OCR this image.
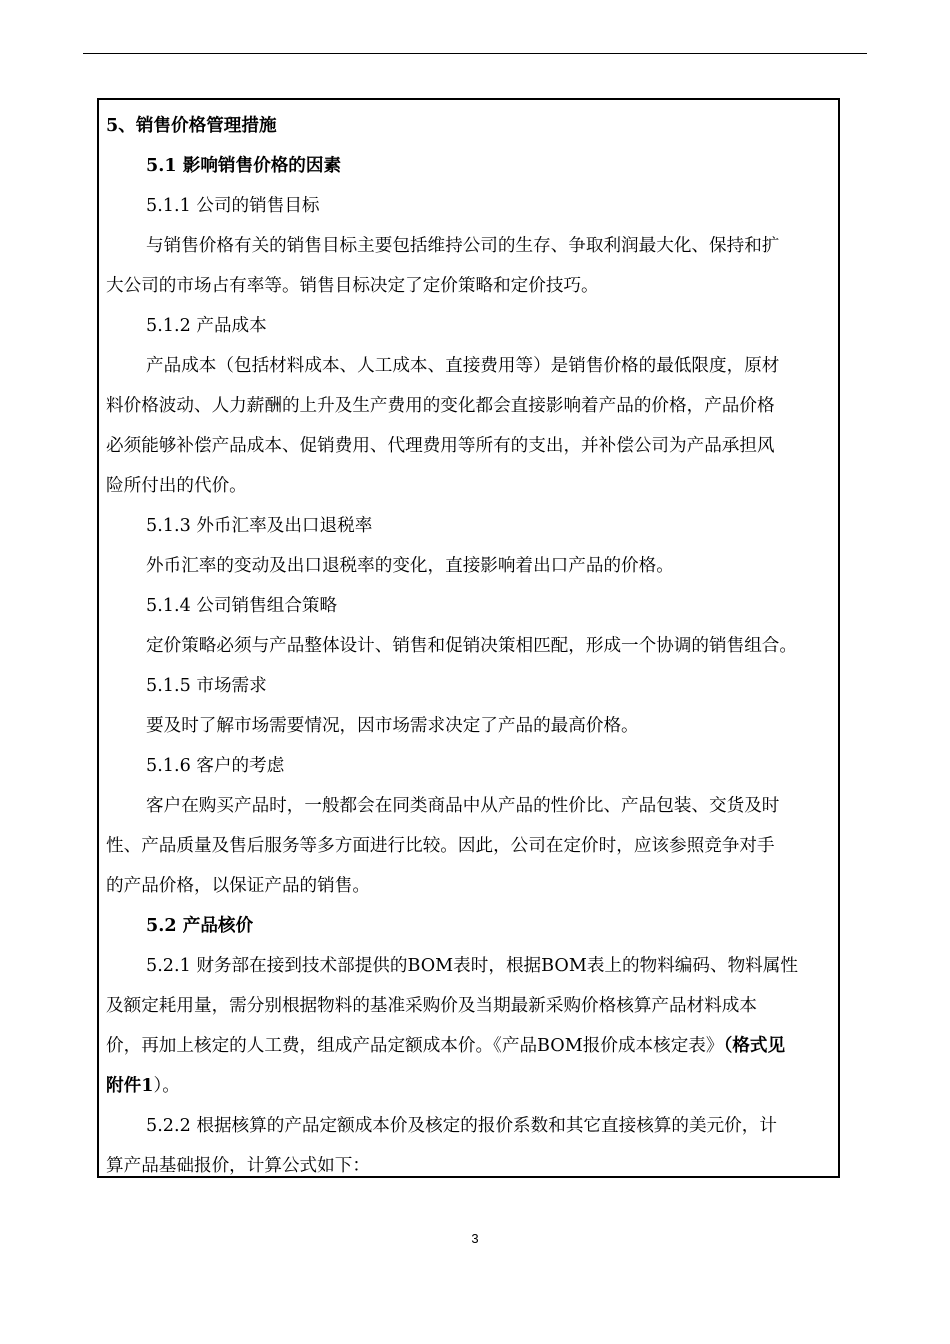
5、销售价格管理措施
5.1 影响销售价格的因素
5.1.1 公司的销售目标
与销售价格有关的销售目标主要包括维持公司的生存、争取利润最大化、保持和扩
大公司的市场占有率等。销售目标决定了定价策略和定价技巧。
5.1.2 产品成本
产品成本（包括材料成本、人工成本、直接费用等）是销售价格的最低限度，原材
料价格波动、人力薪酬的上升及生产费用的变化都会直接影响着产品的价格，产品价格
必须能够补偿产品成本、促销费用、代理费用等所有的支出，并补偿公司为产品承担风
险所付出的代价。
5.1.3 外币汇率及出口退税率
外币汇率的变动及出口退税率的变化，直接影响着出口产品的价格。
5.1.4 公司销售组合策略
定价策略必须与产品整体设计、销售和促销决策相匹配，形成一个协调的销售组合。
5.1.5 市场需求
要及时了解市场需要情况，因市场需求决定了产品的最高价格。
5.1.6 客户的考虑
客户在购买产品时，一般都会在同类商品中从产品的性价比、产品包装、交货及时
性、产品质量及售后服务等多方面进行比较。因此，公司在定价时，应该参照竞争对手
的产品价格，以保证产品的销售。
5.2 产品核价
5.2.1 财务部在接到技术部提供的BOM表时，根据BOM表上的物料编码、物料属性
及额定耗用量，需分别根据物料的基准采购价及当期最新采购价格核算产品材料成本
价，再加上核定的人工费，组成产品定额成本价。《产品BOM报价成本核定表》（格式见
附件1）。
5.2.2 根据核算的产品定额成本价及核定的报价系数和其它直接核算的美元价，计
算产品基础报价，计算公式如下：
3
